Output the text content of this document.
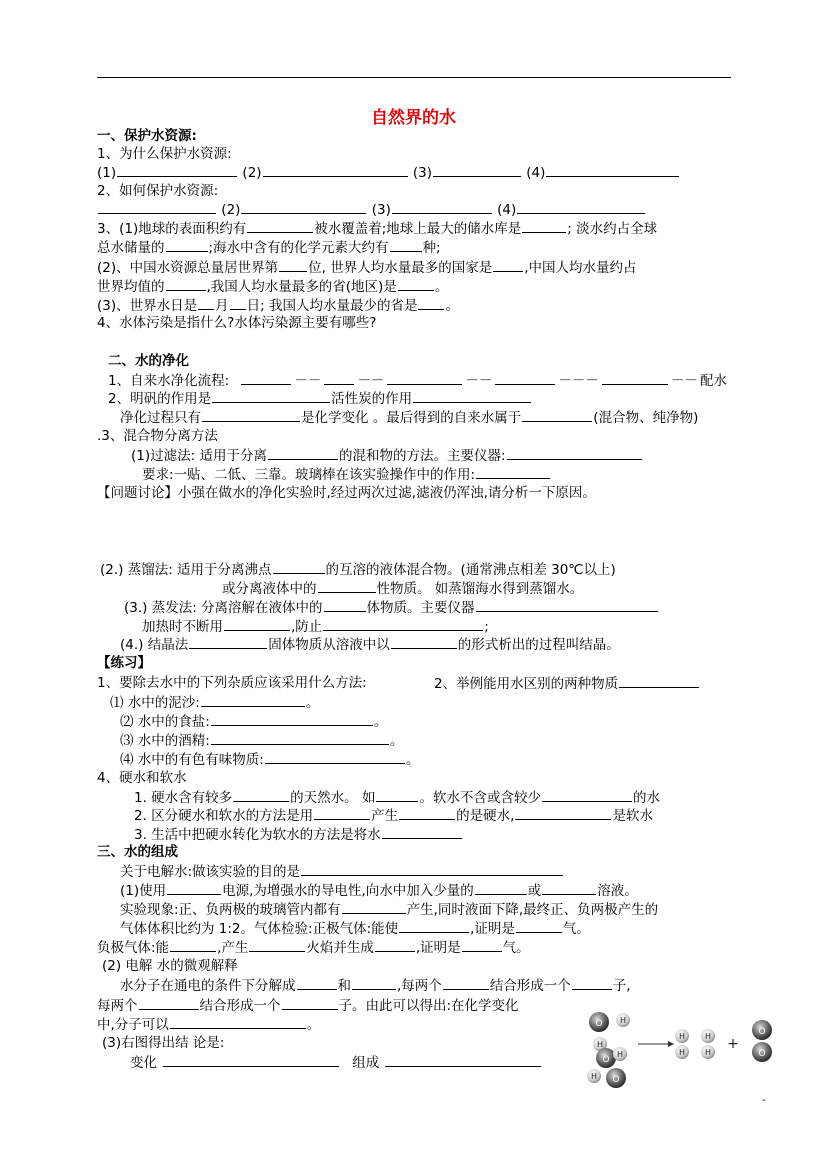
自然界的水
一、保护水资源:
1、为什么保护水资源:
(1)	(2)	(3)	(4)
2、如何保护水资源:
(2)	(3)	(4)
3、(1)地球的表面积约有	被水覆盖着;地球上最大的储水库是	; 淡水约占全球
总水储量的	;海水中含有的化学元素大约有	种;
(2)、中国水资源总量居世界第 位, 世界人均水量最多的国家是 ,中国人均水量约占
世界均值的	,我国人均水量最多的省(地区)是	。
(3)、世界水日是 月 日; 我国人均水量最少的省是 。
4、水体污染是指什么?水体污染源主要有哪些?
二、水的净化
1、自来水净化流程:	－－	－－	－－	－－－	－－ 配水
2、明矾的作用是	活性炭的作用
净化过程只有	是化学变化 。最后得到的自来水属于	(混合物、纯净物)
.3、混合物分离方法
(1)过滤法: 适用于分离	的混和物的方法。主要仪器:
要求:一贴、二低、三靠。玻璃棒在该实验操作中的作用:
【问题讨论】小强在做水的净化实验时,经过两次过滤,滤液仍浑浊,请分析一下原因。
(2.) 蒸馏法: 适用于分离沸点	的互溶的液体混合物。(通常沸点相差 30℃以上)
或分离液体中的	性物质。 如蒸馏海水得到蒸馏水。
(3.) 蒸发法: 分离溶解在液体中的	体物质。主要仪器
加热时不断用	,防止	;
(4.) 结晶法	固体物质从溶液中以	的形式析出的过程叫结晶。
【练习】
1、要除去水中的下列杂质应该采用什么方法:	2、举例能用水区别的两种物质
⑴ 水中的泥沙:	。
⑵ 水中的食盐:	。
⑶ 水中的酒精:	。
⑷ 水中的有色有味物质:	。
4、硬水和软水
1. 硬水含有较多	的天然水。 如	。软水不含或含较少	的水
2. 区分硬水和软水的方法是用	产生	的是硬水,	是软水
3. 生活中把硬水转化为软水的方法是将水
三、水的组成
关于电解水:做该实验的目的是
(1)使用	电源,为增强水的导电性,向水中加入少量的	或	溶液。
实验现象:正、负两极的玻璃管内都有	产生,同时液面下降,最终正、负两极产生的
气体体积比约为 1:2。气体检验:正极气体:能使	,证明是	气。
负极气体:能	,产生	火焰并生成	,证明是	气。
(2) 电解 水的微观解释
水分子在通电的条件下分解成	和	,每两个	结合形成一个	子,
每两个	结合形成一个	子。由此可以得出:在化学变化
中,分子可以	。
(3)右图得出结 论是:
变化	组成
O H
H
O
H
H O
H
H
H
H
+
O
O
-
